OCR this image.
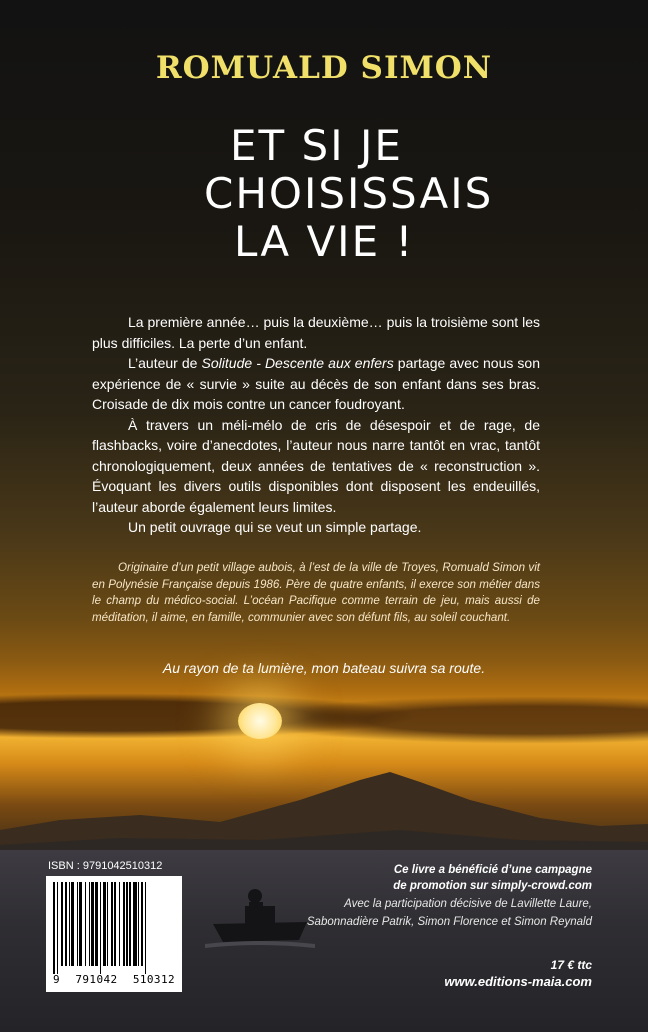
ROMUALD SIMON
ET SI JE
CHOISISSAIS
LA VIE !

La première année… puis la deuxième… puis la troisième sont les plus difficiles. La perte d’un enfant.

L’auteur de Solitude - Descente aux enfers partage avec nous son expérience de « survie » suite au décès de son enfant dans ses bras. Croisade de dix mois contre un cancer foudroyant.

À travers un méli-mélo de cris de désespoir et de rage, de flashbacks, voire d’anecdotes, l’auteur nous narre tantôt en vrac, tantôt chronologiquement, deux années de tentatives de « reconstruction ». Évoquant les divers outils disponibles dont disposent les endeuillés, l’auteur aborde également leurs limites.

Un petit ouvrage qui se veut un simple partage.

Originaire d’un petit village aubois, à l’est de la ville de Troyes, Romuald Simon vit en Polynésie Française depuis 1986. Père de quatre enfants, il exerce son métier dans le champ du médico-social. L’océan Pacifique comme terrain de jeu, mais aussi de méditation, il aime, en famille, communier avec son défunt fils, au soleil couchant.

Au rayon de ta lumière, mon bateau suivra sa route.

ISBN : 9791042510312

9 791042 510312

Ce livre a bénéficié d’une campagne

de promotion sur simply-crowd.com

Avec la participation décisive de Lavillette Laure,

Sabonnadière Patrik, Simon Florence et Simon Reynald

17 € ttc

www.editions-maia.com
